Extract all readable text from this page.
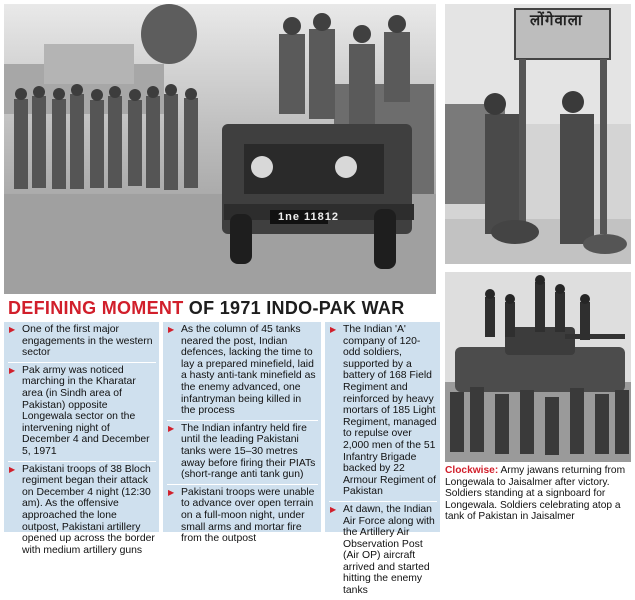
1ne 11812
लोंगेवाला
DEFINING MOMENT OF 1971 INDO-PAK WAR
▶ One of the first major engagements in the western sector
▶ Pak army was noticed marching in the Kharatar area (in Sindh area of Pakistan) opposite Longewala sector on the intervening night of December 4 and December 5, 1971
▶ Pakistani troops of 38 Bloch regiment began their attack on December 4 night (12:30 am). As the offensive approached the lone outpost, Pakistani artillery opened up across the border with medium artillery guns
▶ As the column of 45 tanks neared the post, Indian defences, lacking the time to lay a prepared minefield, laid a hasty anti-tank minefield as the enemy advanced, one infantryman being killed in the process
▶ The Indian infantry held fire until the leading Pakistani tanks were 15–30 metres away before firing their PIATs (short-range anti tank gun)
▶ Pakistani troops were unable to advance over open terrain on a full-moon night, under small arms and mortar fire from the outpost
▶ The Indian 'A' company of 120-odd soldiers, supported by a battery of 168 Field Regiment and reinforced by heavy mortars of 185 Light Regiment, managed to repulse over 2,000 men of the 51 Infantry Brigade backed by 22 Armour Regiment of Pakistan
▶ At dawn, the Indian Air Force along with the Artillery Air Observation Post (Air OP) aircraft arrived and started hitting the enemy tanks
Clockwise: Army jawans returning from Longewala to Jaisalmer after victory. Soldiers standing at a signboard for Longewala. Soldiers celebrating atop a tank of Pakistan in Jaisalmer
